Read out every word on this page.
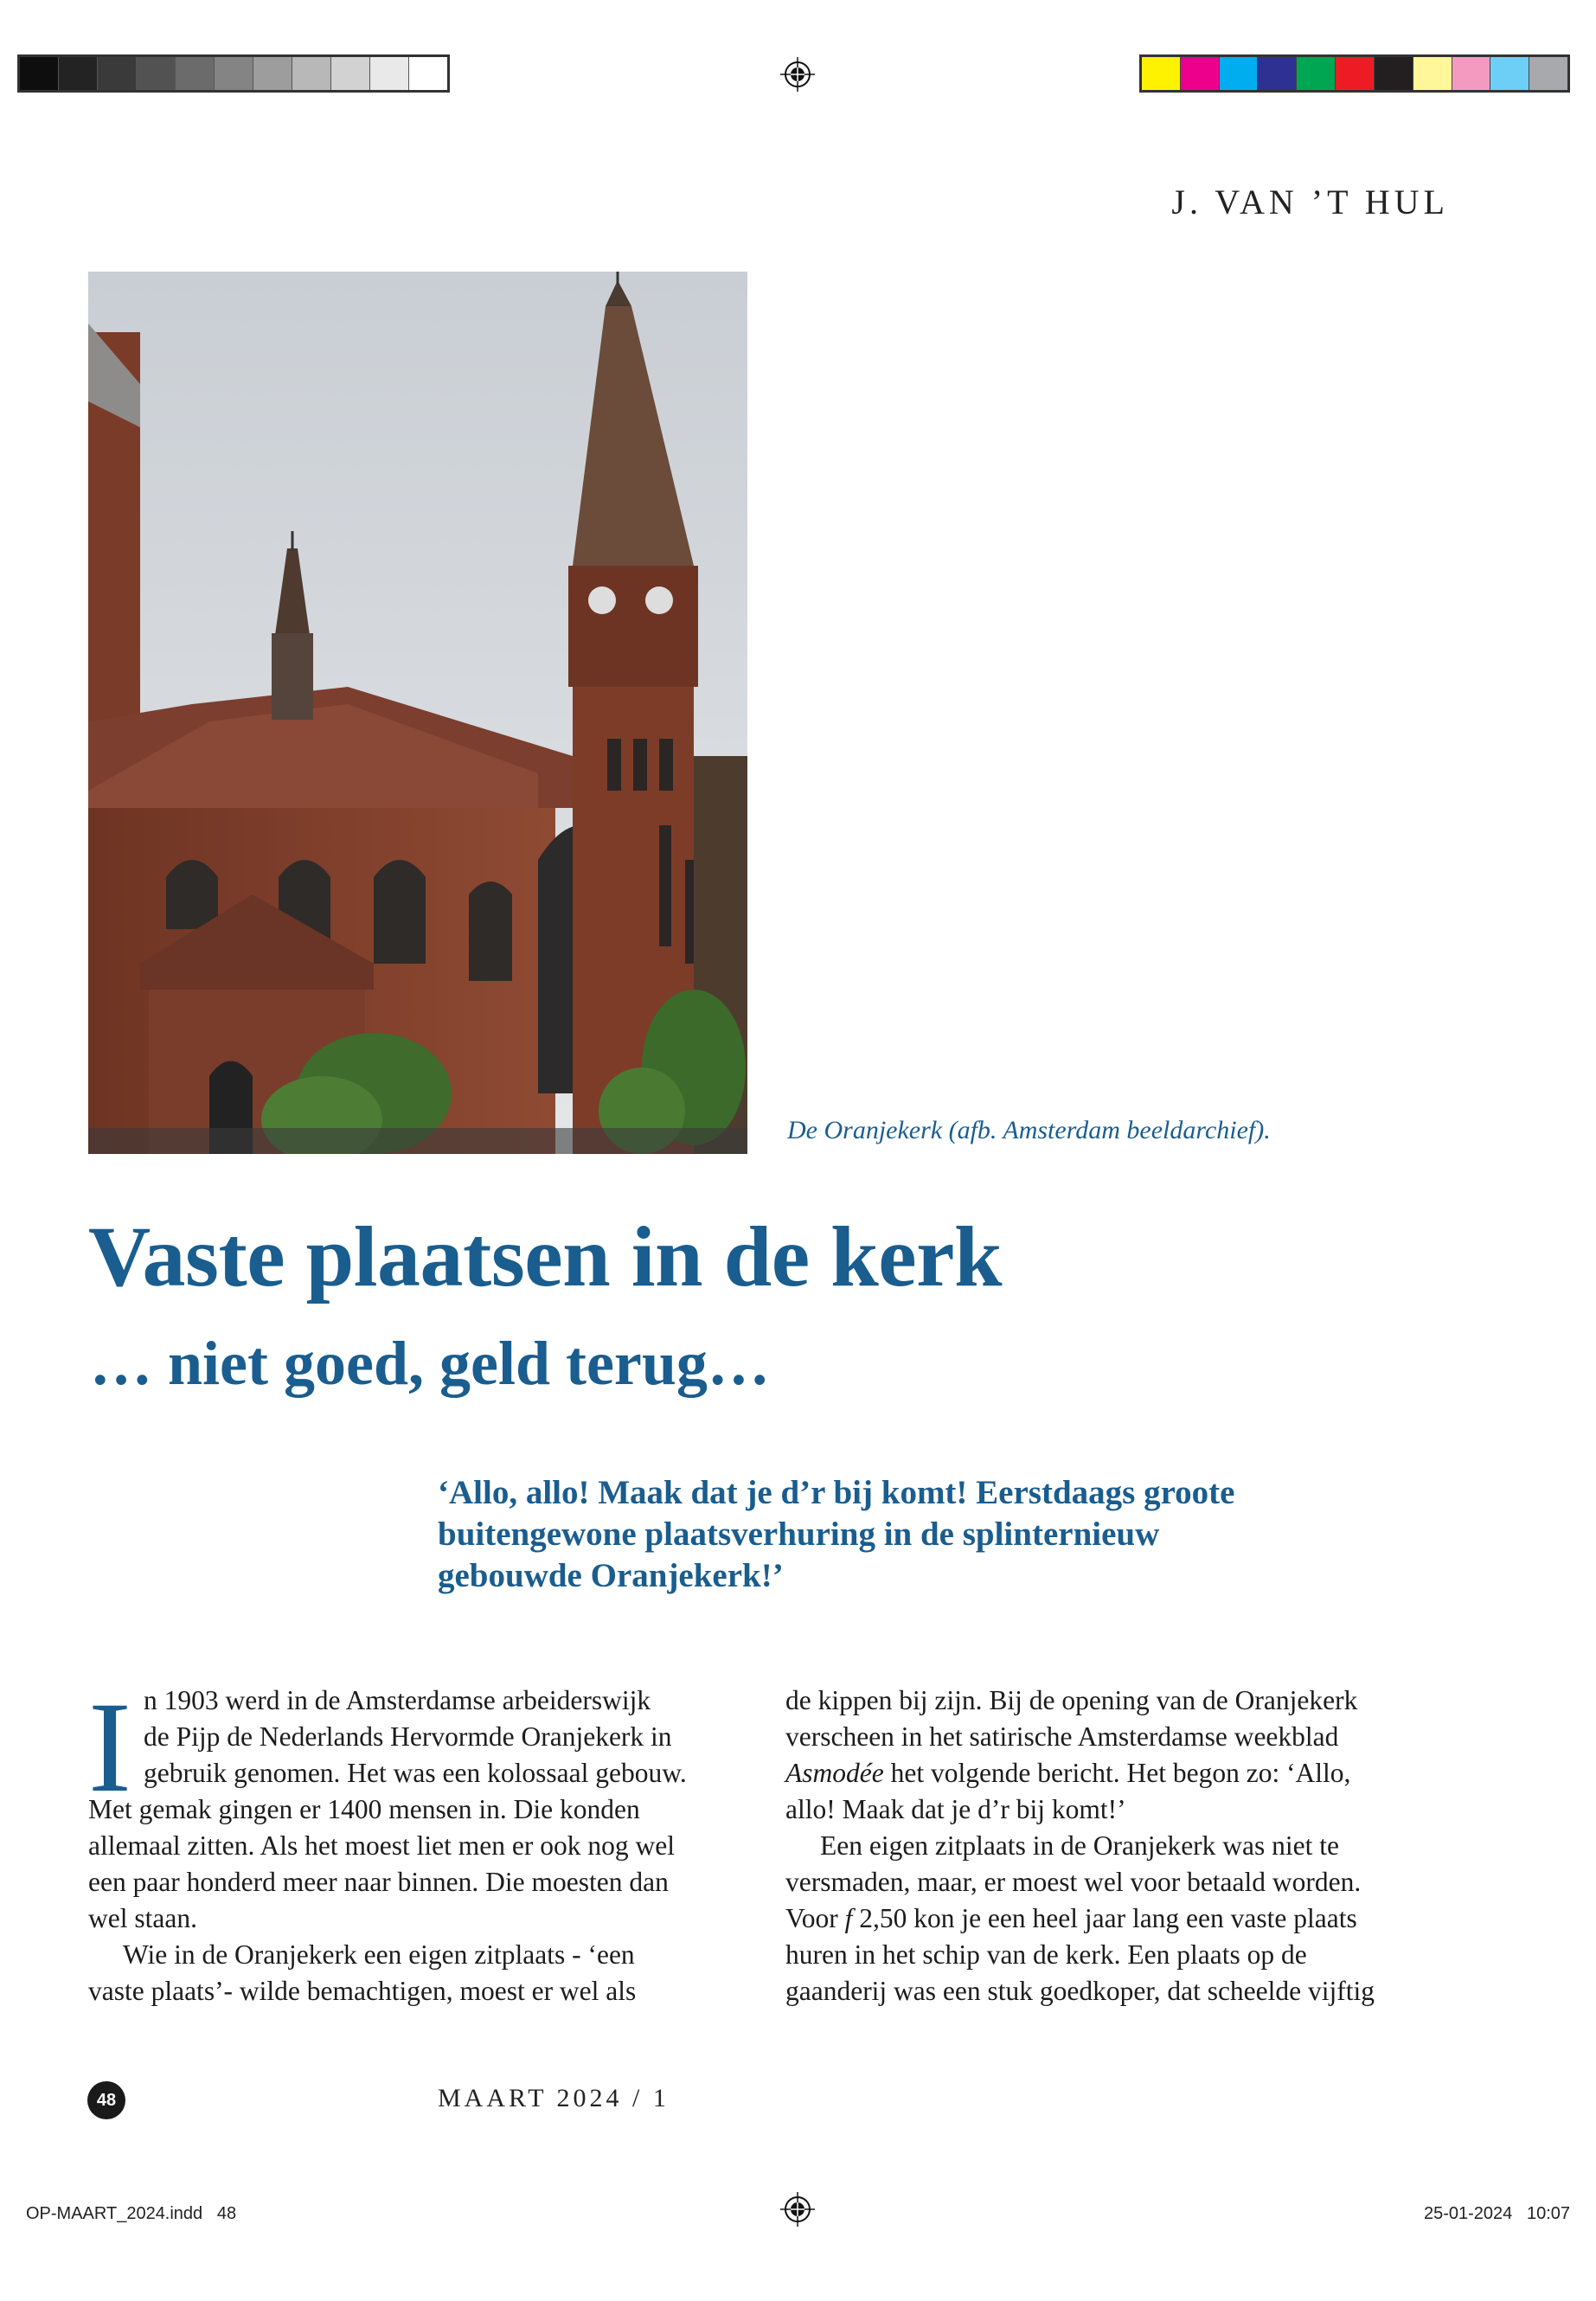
J. VAN ’T HUL
De Oranjekerk (afb. Amsterdam beeldarchief).
Vaste plaatsen in de kerk
… niet goed, geld terug…
‘Allo, allo! Maak dat je d’r bij komt! Eerstdaags groote
buitengewone plaatsverhuring in de splinternieuw
gebouwde Oranjekerk!’
I n 1903 werd in de Amsterdamse arbeiderswijk
de Pijp de Nederlands Hervormde Oranjekerk in
gebruik genomen. Het was een kolossaal gebouw.
Met gemak gingen er 1400 mensen in. Die konden
allemaal zitten. Als het moest liet men er ook nog wel
een paar honderd meer naar binnen. Die moesten dan
wel staan.
Wie in de Oranjekerk een eigen zitplaats - ‘een
vaste plaats’- wilde bemachtigen, moest er wel als
de kippen bij zijn. Bij de opening van de Oranjekerk
verscheen in het satirische Amsterdamse weekblad
Asmodée het volgende bericht. Het begon zo: ‘Allo,
allo! Maak dat je d’r bij komt!’
Een eigen zitplaats in de Oranjekerk was niet te
versmaden, maar, er moest wel voor betaald worden.
Voor f 2,50 kon je een heel jaar lang een vaste plaats
huren in het schip van de kerk. Een plaats op de
gaanderij was een stuk goedkoper, dat scheelde vijftig
48	MAART 2024 / 1
OP-MAART_2024.indd   48	25-01-2024   10:07
